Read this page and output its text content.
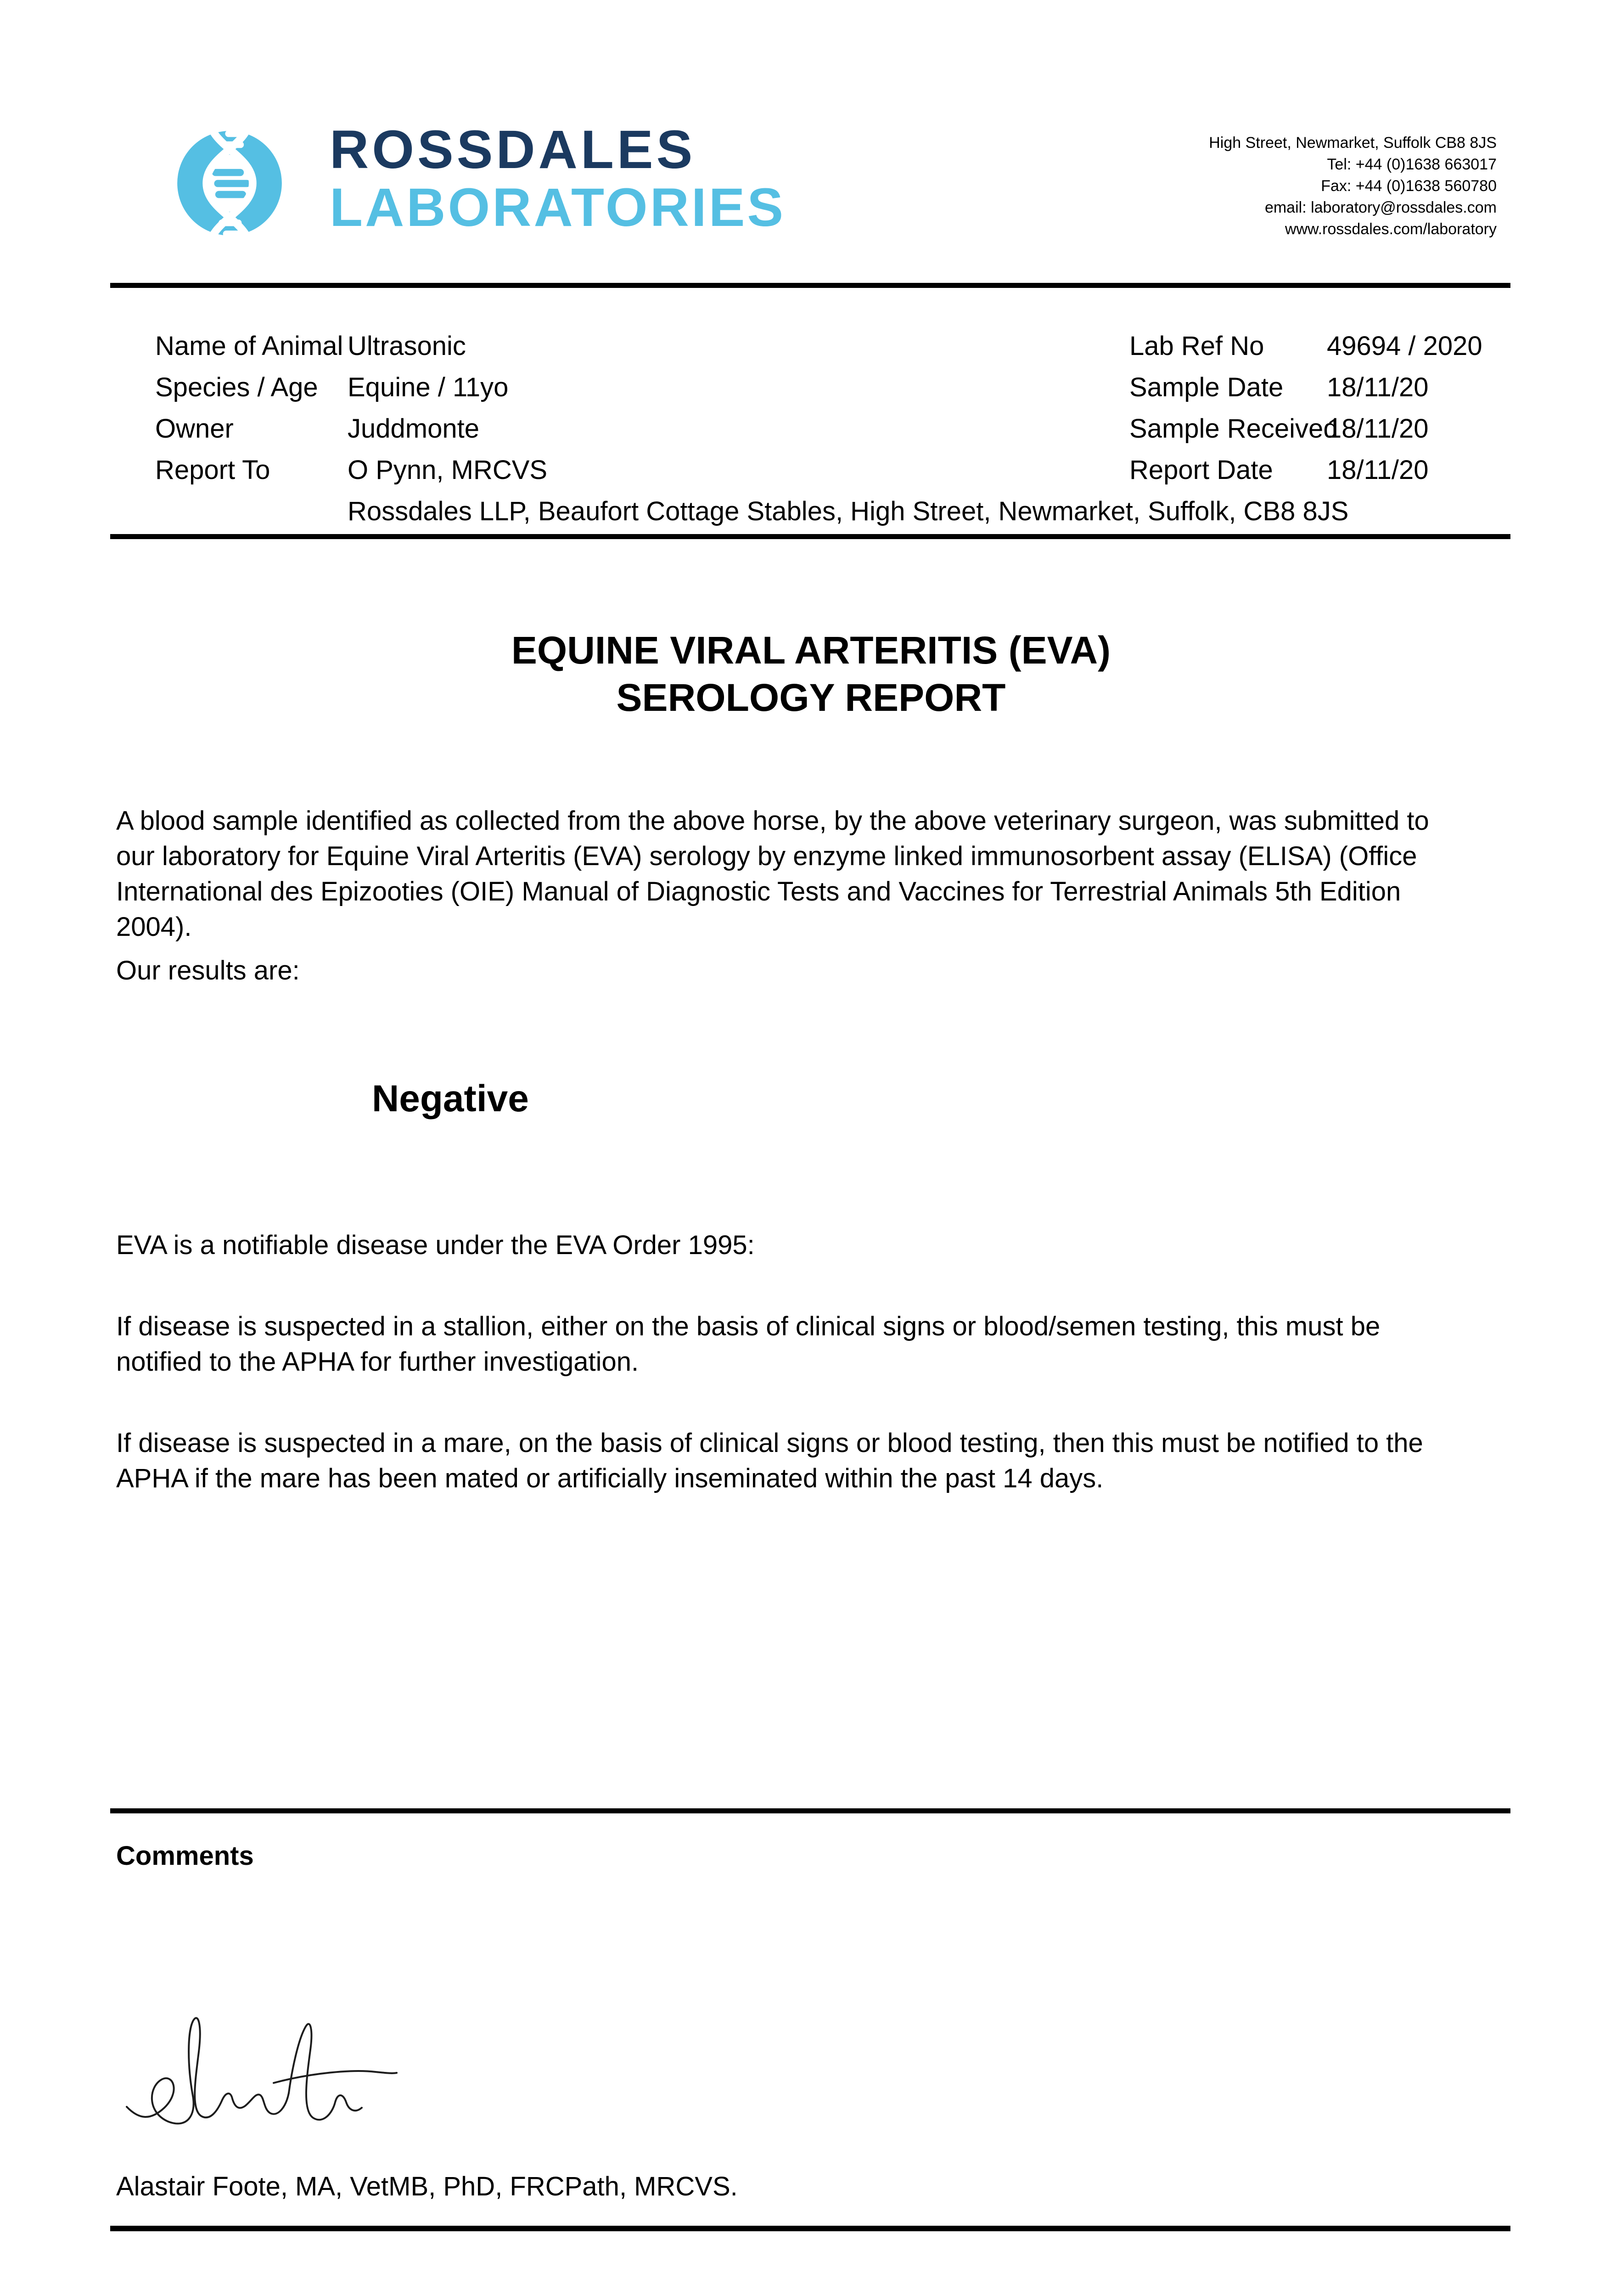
ROSSDALES
LABORATORIES
High Street, Newmarket, Suffolk CB8 8JS
Tel: +44 (0)1638 663017
Fax: +44 (0)1638 560780
email: laboratory@rossdales.com
www.rossdales.com/laboratory
Name of Animal Ultrasonic
Species / Age Equine / 11yo
Owner	Juddmonte
Report To	O Pynn, MRCVS
Rossdales LLP, Beaufort Cottage Stables, High Street, Newmarket, Suffolk, CB8 8JS
Lab Ref No 49694 / 2020
Sample Date 18/11/20
Sample Received
18/11/20
Report Date 18/11/20
EQUINE VIRAL ARTERITIS (EVA)
SEROLOGY REPORT
A blood sample identified as collected from the above horse, by the above veterinary surgeon, was submitted to
our laboratory for Equine Viral Arteritis (EVA) serology by enzyme linked immunosorbent assay (ELISA) (Office
International des Epizooties (OIE) Manual of Diagnostic Tests and Vaccines for Terrestrial Animals 5th Edition
2004).
Our results are:
Negative
EVA is a notifiable disease under the EVA Order 1995:
If disease is suspected in a stallion, either on the basis of clinical signs or blood/semen testing, this must be
notified to the APHA for further investigation.
If disease is suspected in a mare, on the basis of clinical signs or blood testing, then this must be notified to the
APHA if the mare has been mated or artificially inseminated within the past 14 days.
Comments
Alastair Foote, MA, VetMB, PhD, FRCPath, MRCVS.
